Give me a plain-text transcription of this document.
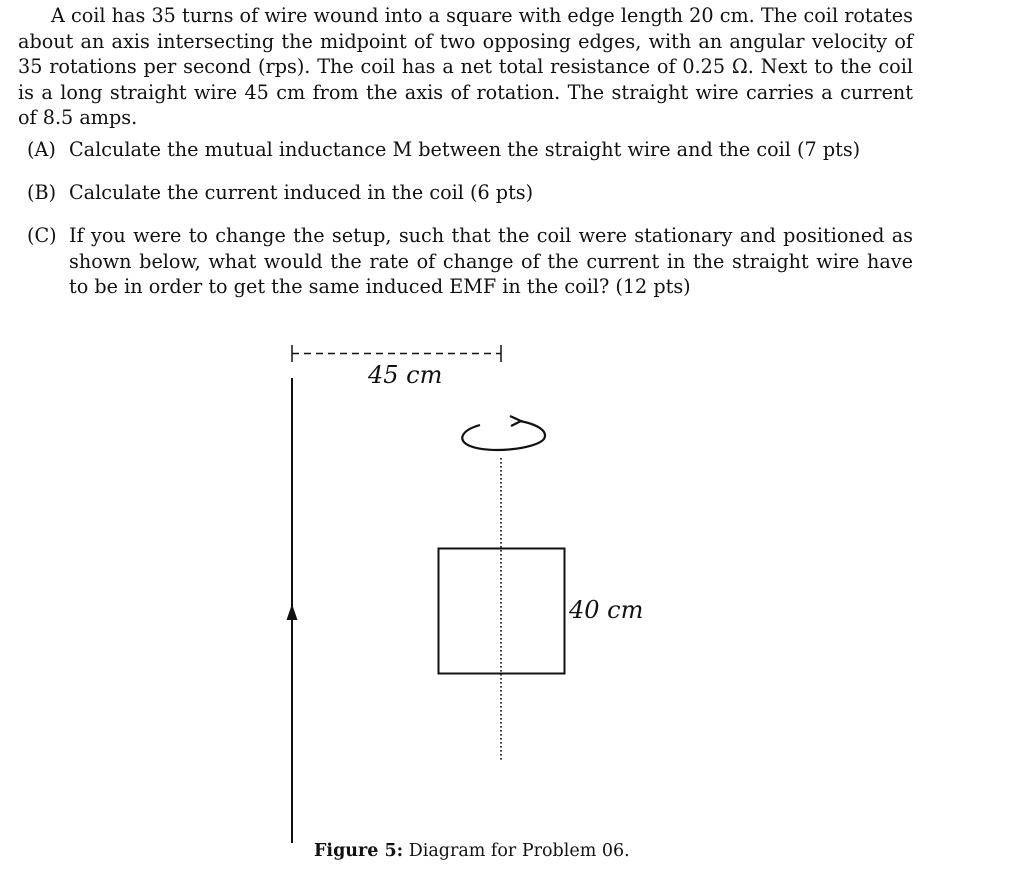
A coil has 35 turns of wire wound into a square with edge length 20 cm. The coil rotates about an axis intersecting the midpoint of two opposing edges, with an angular velocity of 35 rotations per second (rps). The coil has a net total resistance of 0.25 Ω. Next to the coil is a long straight wire 45 cm from the axis of rotation. The straight wire carries a current of 8.5 amps.

(A) Calculate the mutual inductance M between the straight wire and the coil (7 pts)
(B) Calculate the current induced in the coil (6 pts)
(C) If you were to change the setup, such that the coil were stationary and positioned as shown below, what would the rate of change of the current in the straight wire have to be in order to get the same induced EMF in the coil? (12 pts)
45 cm
40 cm

Figure 5: Diagram for Problem 06.
